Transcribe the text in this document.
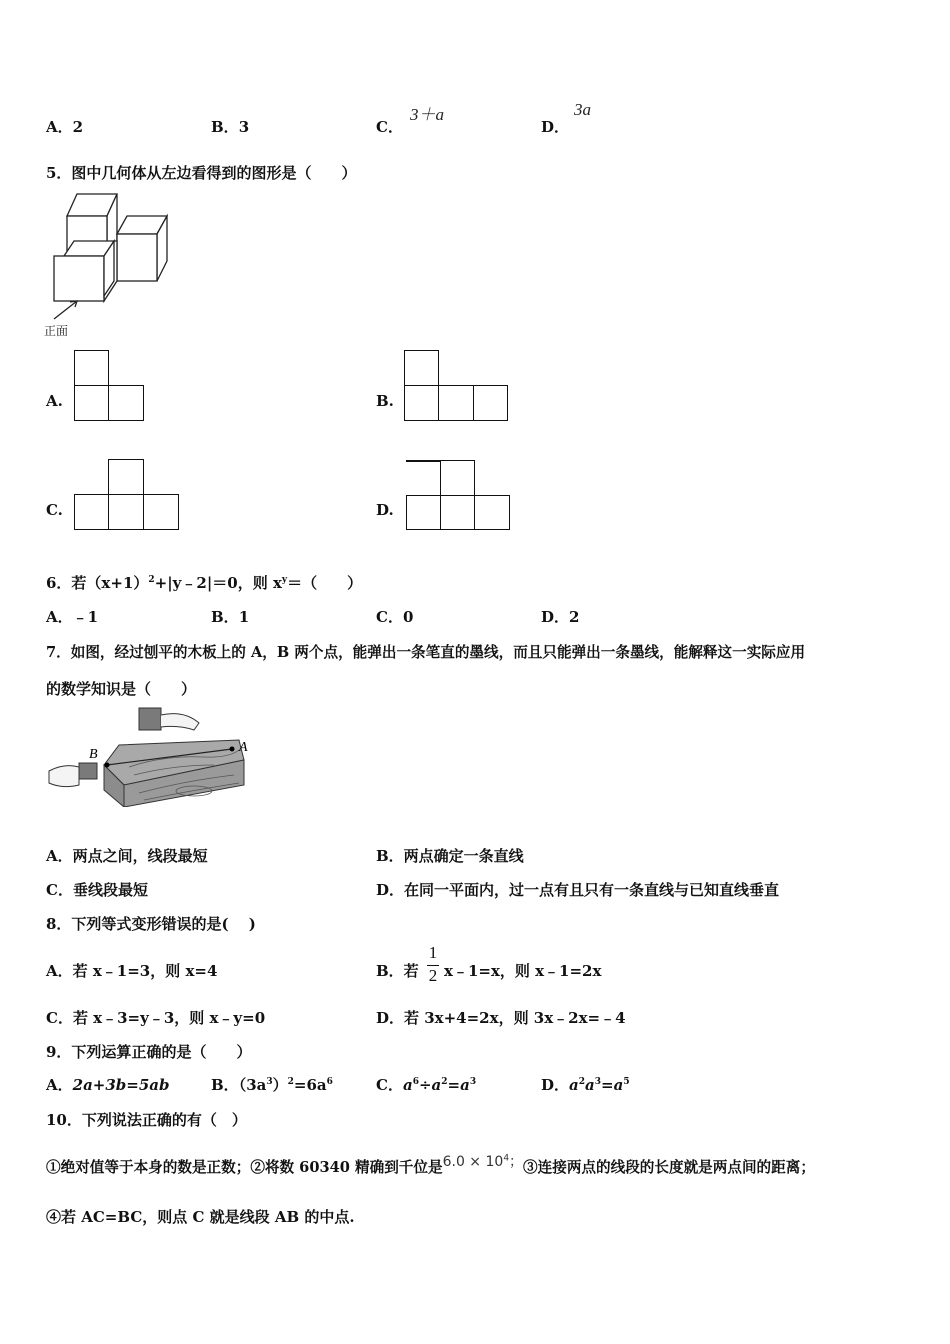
A．2	B．3	C．
3＋a
D．
3a
5．图中几何体从左边看得到的图形是（　　）
正面
A.	B.
C.	D.
6．若$(x+1)^2+|y﹣2|=0$，则 $x^y=$（　　）
A．﹣1	B．1	C．0	D．2
7．如图，经过刨平的木板上的 A，B 两个点，能弹出一条笔直的墨线，而且只能弹出一条墨线，能解释这一实际应用
的数学知识是（　　）
B	A
A．两点之间，线段最短	B．两点确定一条直线
C．垂线段最短	D．在同一平面内，过一点有且只有一条直线与已知直线垂直
8．下列等式变形错误的是(　 )
A．若 x﹣1=3，则 x=4	B．若
1
2 x﹣1=x，则 x﹣1=2x
C．若 x﹣3=y﹣3，则 x﹣y=0	D．若 3x+4=2x，则 3x﹣2x=﹣4
9．下列运算正确的是（　　）
A．2a+3b=5ab	B．$(3a^3)^2=6a^6$	C．$a^6\div a^2=a^3$	D．$a^2a^3=a^5$
10．下列说法正确的有（　）
①绝对值等于本身的数是正数；②将数 60340 精确到千位是$6.0 \times 10^4$；③连接两点的线段的长度就是两点间的距离；
④若 AC=BC，则点 C 就是线段 AB 的中点.
